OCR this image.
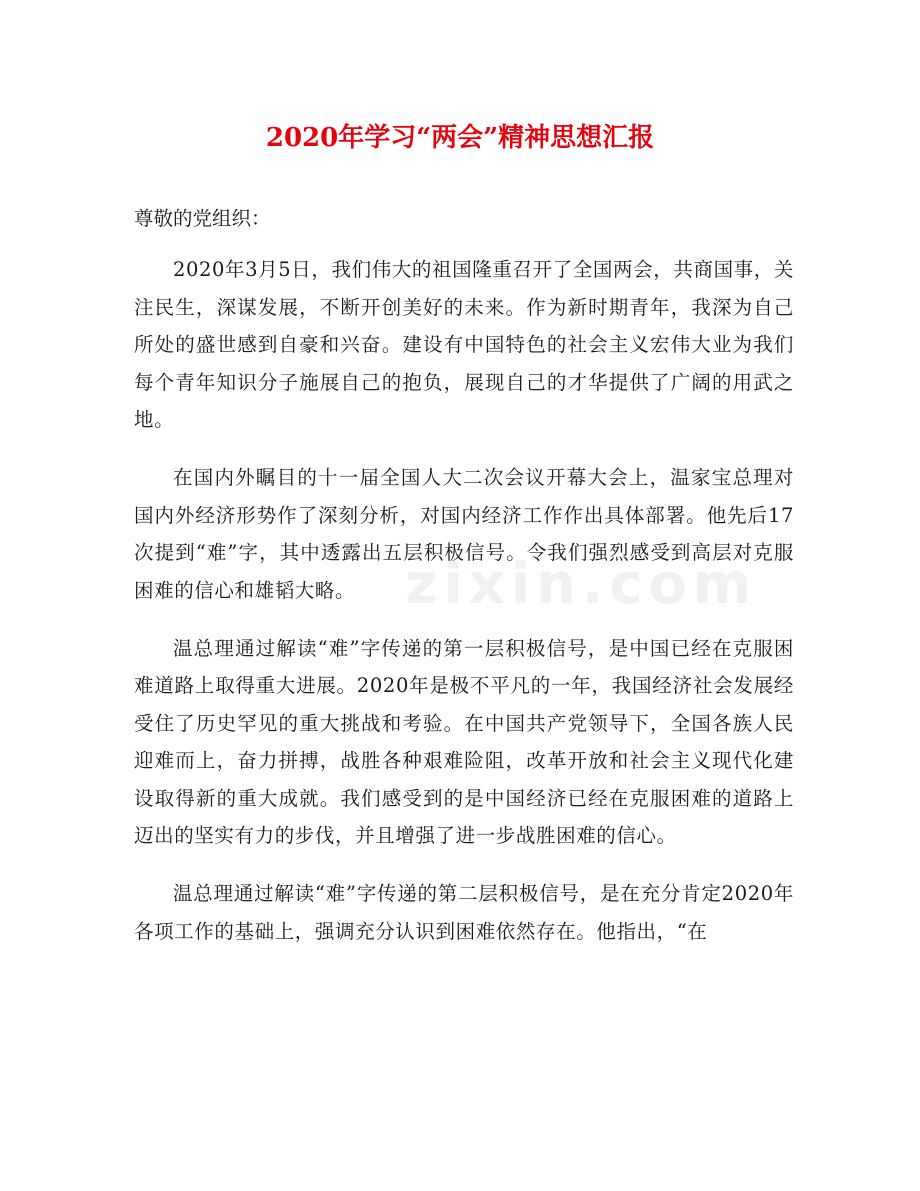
2020年学习“两会”精神思想汇报
尊敬的党组织：

2020年3月5日，我们伟大的祖国隆重召开了全国两会，共商国事，关注民生，深谋发展，不断开创美好的未来。作为新时期青年，我深为自己所处的盛世感到自豪和兴奋。建设有中国特色的社会主义宏伟大业为我们每个青年知识分子施展自己的抱负，展现自己的才华提供了广阔的用武之地。

在国内外瞩目的十一届全国人大二次会议开幕大会上，温家宝总理对国内外经济形势作了深刻分析，对国内经济工作作出具体部署。他先后17次提到“难”字，其中透露出五层积极信号。令我们强烈感受到高层对克服困难的信心和雄韬大略。

温总理通过解读“难”字传递的第一层积极信号，是中国已经在克服困难道路上取得重大进展。2020年是极不平凡的一年，我国经济社会发展经受住了历史罕见的重大挑战和考验。在中国共产党领导下，全国各族人民迎难而上，奋力拼搏，战胜各种艰难险阻，改革开放和社会主义现代化建设取得新的重大成就。我们感受到的是中国经济已经在克服困难的道路上迈出的坚实有力的步伐，并且增强了进一步战胜困难的信心。

温总理通过解读“难”字传递的第二层积极信号，是在充分肯定2020年各项工作的基础上，强调充分认识到困难依然存在。他指出，“在

zixin.com
